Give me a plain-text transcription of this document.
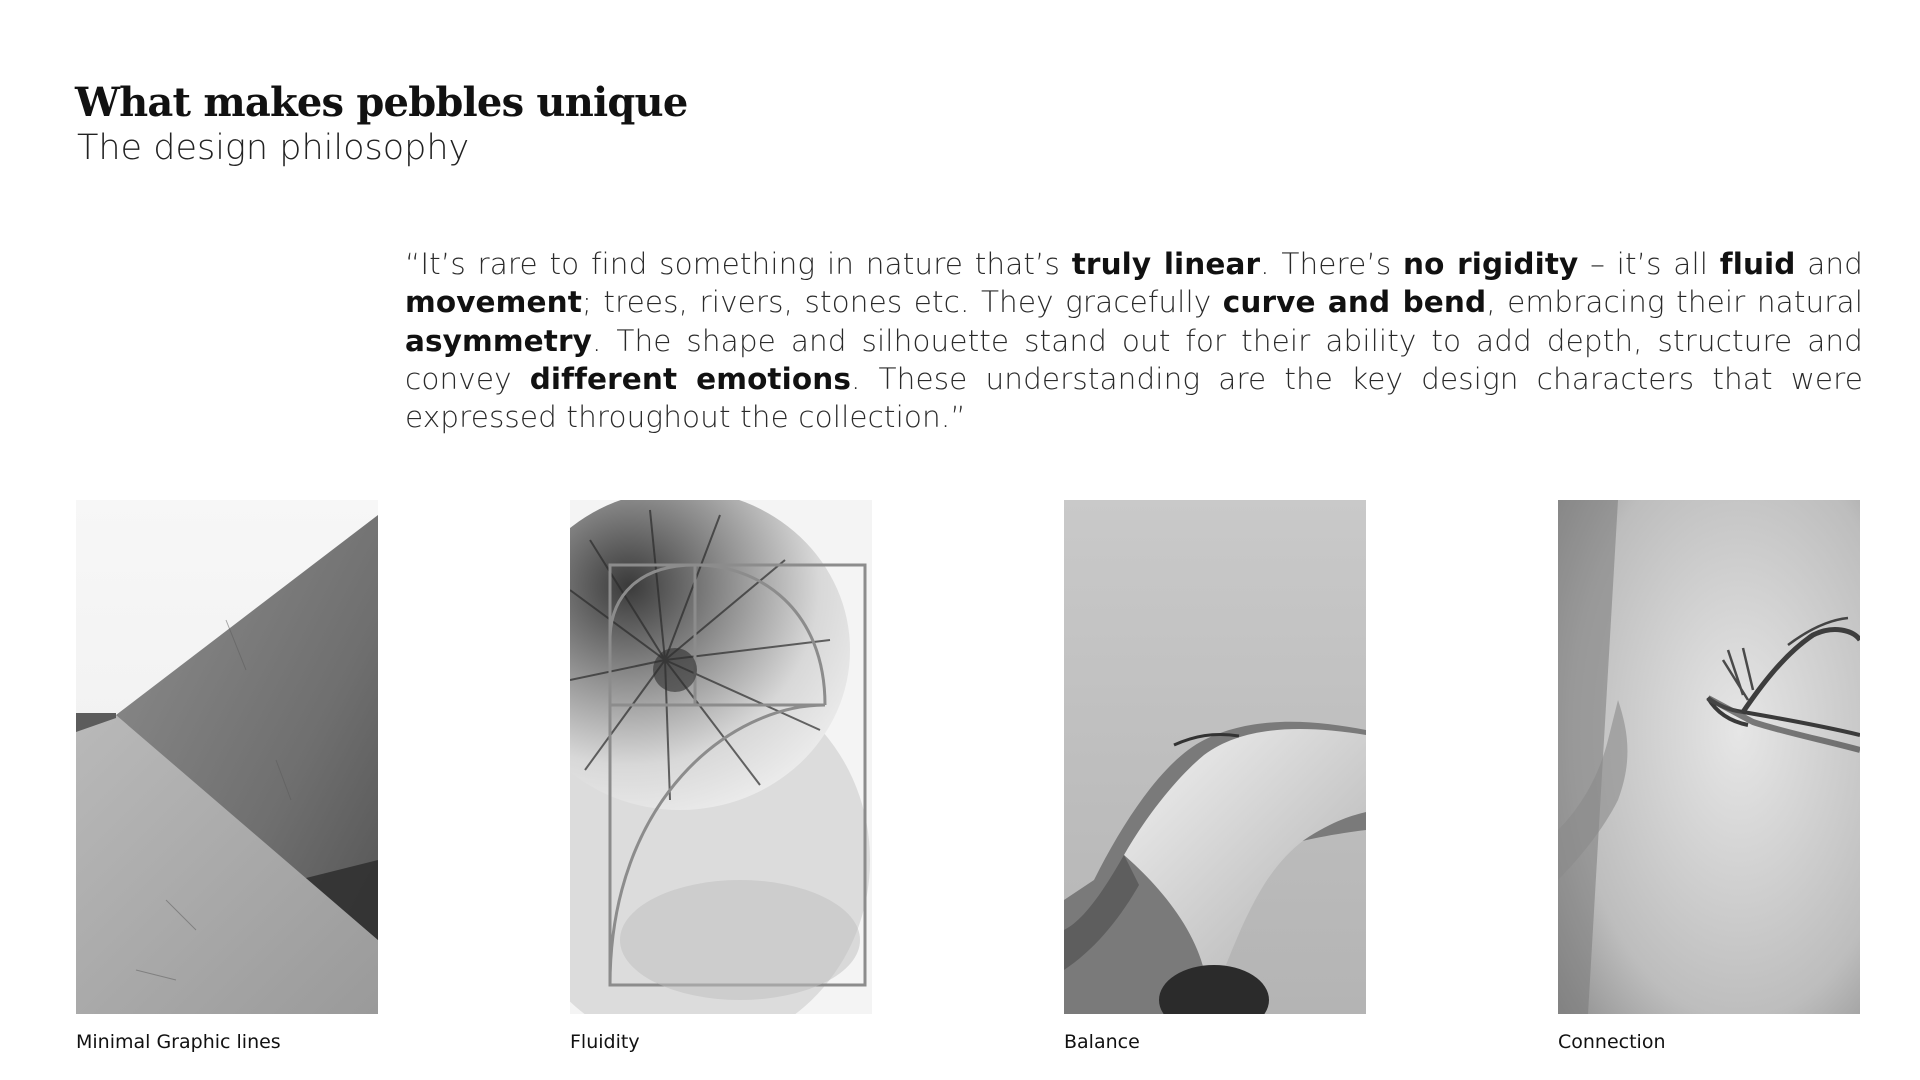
What makes pebbles unique
The design philosophy

“It’s rare to find something in nature that’s truly linear. There’s no rigidity – it’s all fluid and movement; trees, rivers, stones etc. They gracefully curve and bend, embracing their natural asymmetry. The shape and silhouette stand out for their ability to add depth, structure and convey different emotions. These understanding are the key design characters that were expressed throughout the collection.”

Minimal Graphic lines	Fluidity	Balance	Connection
